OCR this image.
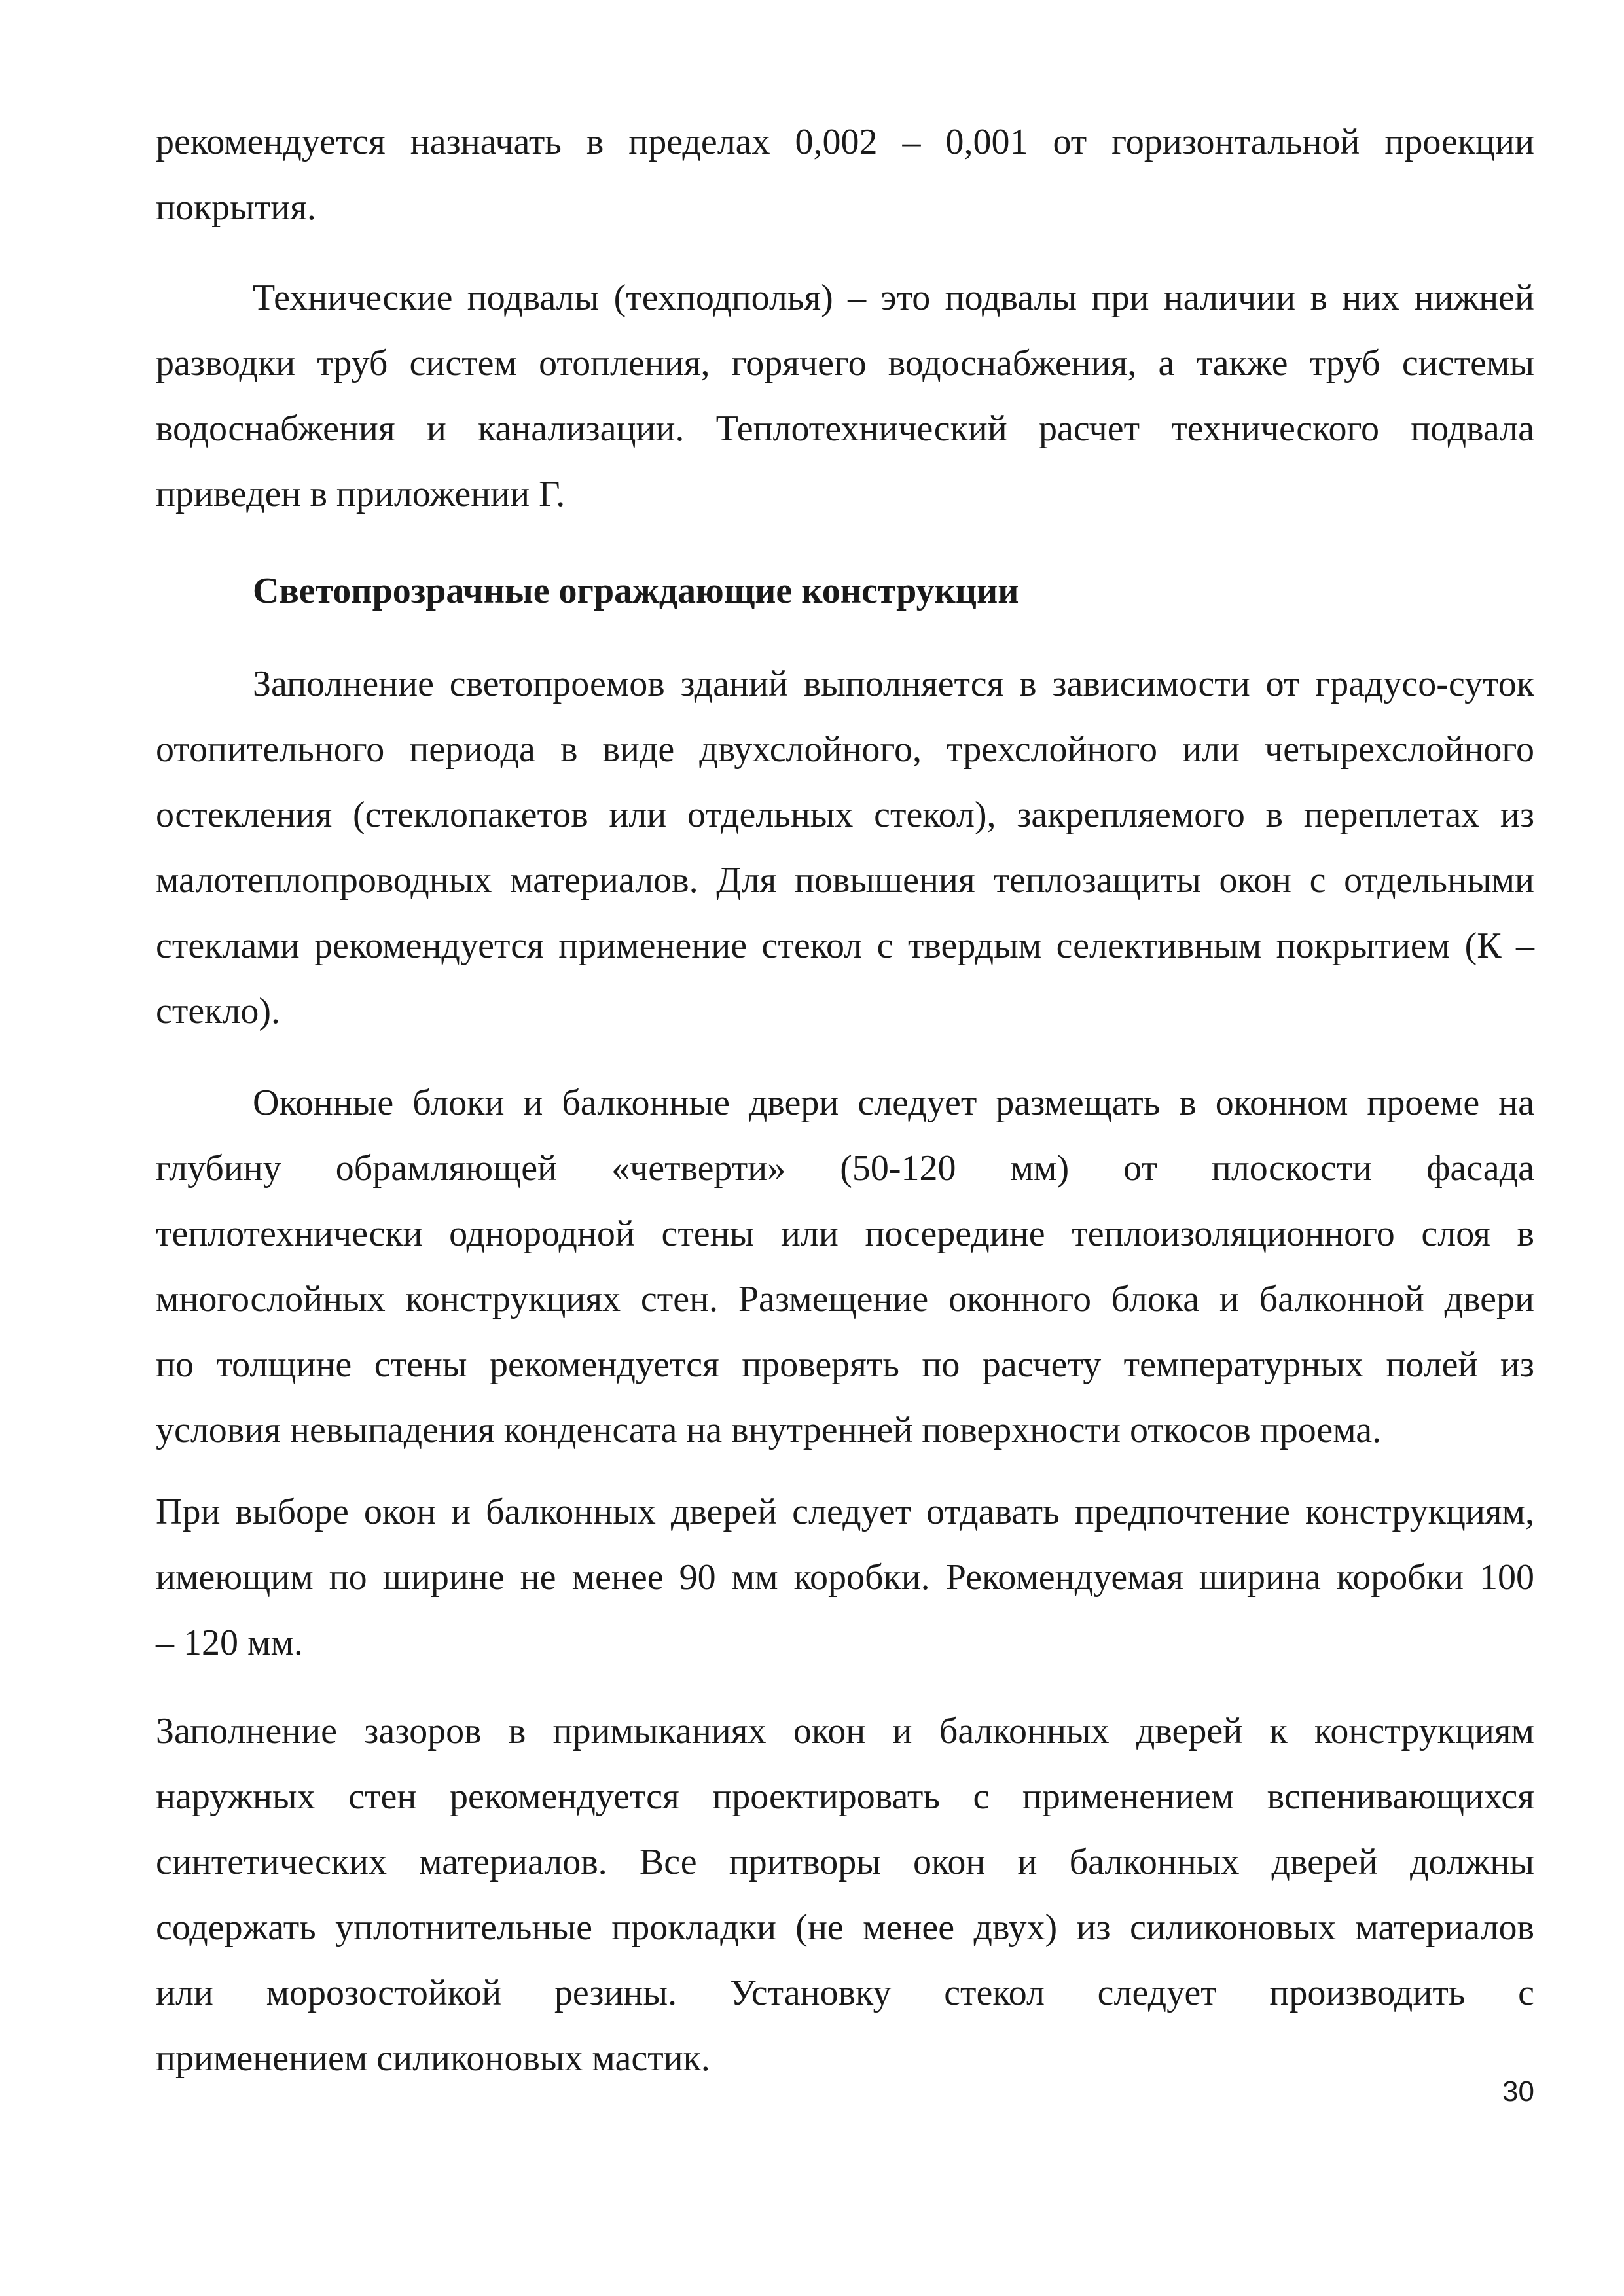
рекомендуется назначать в пределах 0,002 – 0,001 от горизонтальной проекции
покрытия.
Технические подвалы (техподполья) – это подвалы при наличии в них нижней
разводки труб систем отопления, горячего водоснабжения, а также труб системы
водоснабжения и канализации. Теплотехнический расчет технического подвала
приведен в приложении Г.
Светопрозрачные ограждающие конструкции
Заполнение светопроемов зданий выполняется в зависимости от градусо-суток
отопительного периода в виде двухслойного, трехслойного или четырехслойного
остекления (стеклопакетов или отдельных стекол), закрепляемого в переплетах из
малотеплопроводных материалов. Для повышения теплозащиты окон с отдельными
стеклами рекомендуется применение стекол с твердым селективным покрытием (К –
стекло).
Оконные блоки и балконные двери следует размещать в оконном проеме на
глубину обрамляющей «четверти» (50-120 мм) от плоскости фасада
теплотехнически однородной стены или посередине теплоизоляционного слоя в
многослойных конструкциях стен. Размещение оконного блока и балконной двери
по толщине стены рекомендуется проверять по расчету температурных полей из
условия невыпадения конденсата на внутренней поверхности откосов проема.
При выборе окон и балконных дверей следует отдавать предпочтение конструкциям,
имеющим по ширине не менее 90 мм коробки. Рекомендуемая ширина коробки 100
– 120 мм.
Заполнение зазоров в примыканиях окон и балконных дверей к конструкциям
наружных стен рекомендуется проектировать с применением вспенивающихся
синтетических материалов. Все притворы окон и балконных дверей должны
содержать уплотнительные прокладки (не менее двух) из силиконовых материалов
или морозостойкой резины. Установку стекол следует производить с
применением силиконовых мастик.
30
